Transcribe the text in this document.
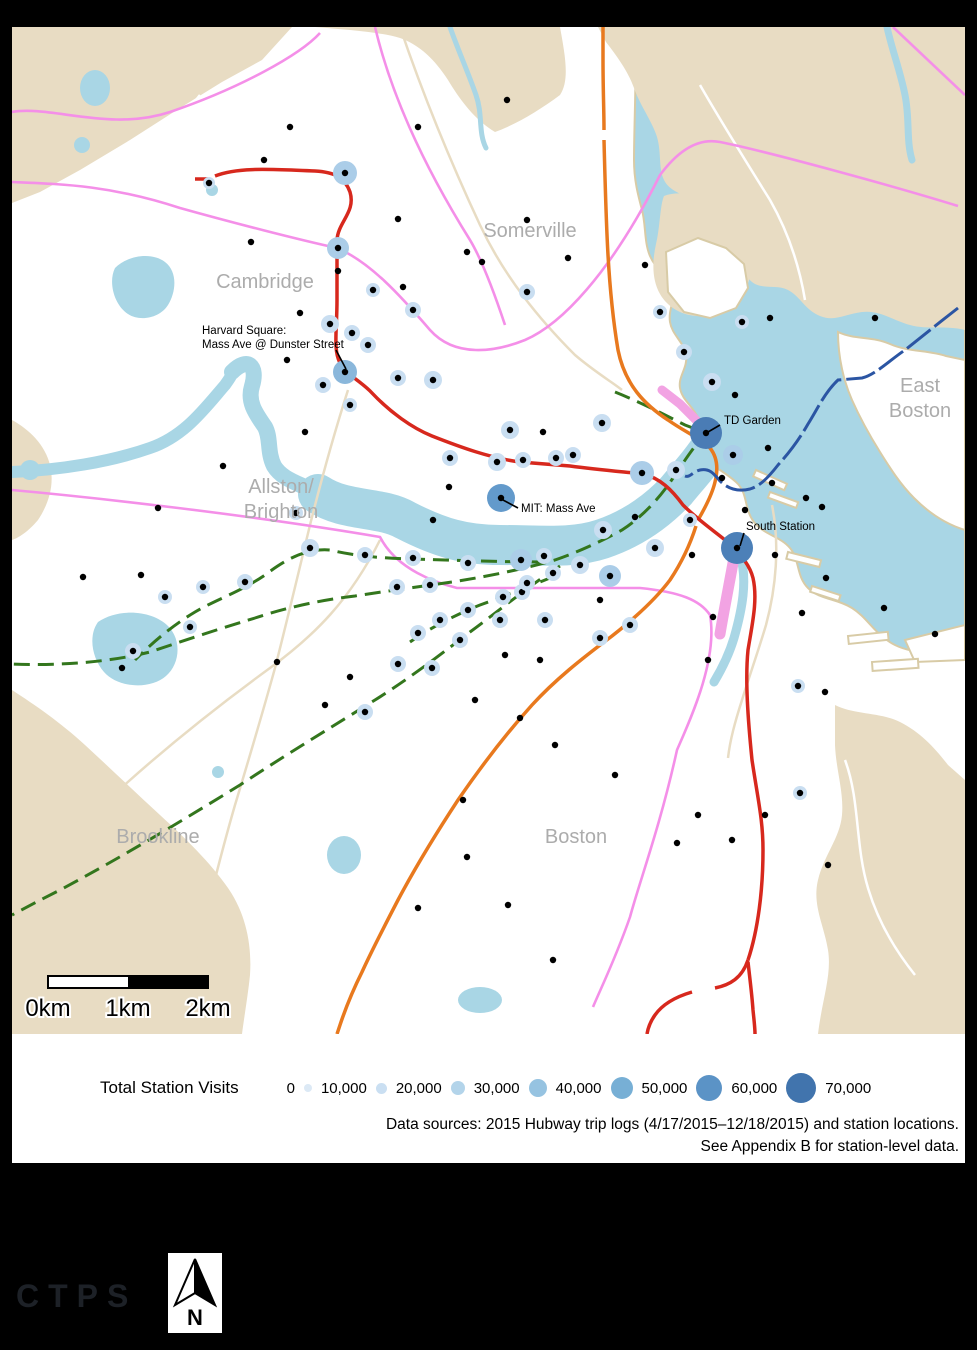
0km 1km 2km
Somerville
Cambridge
East
Boston
Allston/
Brighton
Brookline	Boston
Harvard Square:
Mass Ave @ Dunster Street
TD Garden
MIT: Mass Ave
South Station
Total Station Visits	0 10,000 20,000 30,000 40,000	50,000	60,000	70,000
Data sources: 2015 Hubway trip logs (4/17/2015–12/18/2015) and station locations.
See Appendix B for station-level data.
CTPS
N
